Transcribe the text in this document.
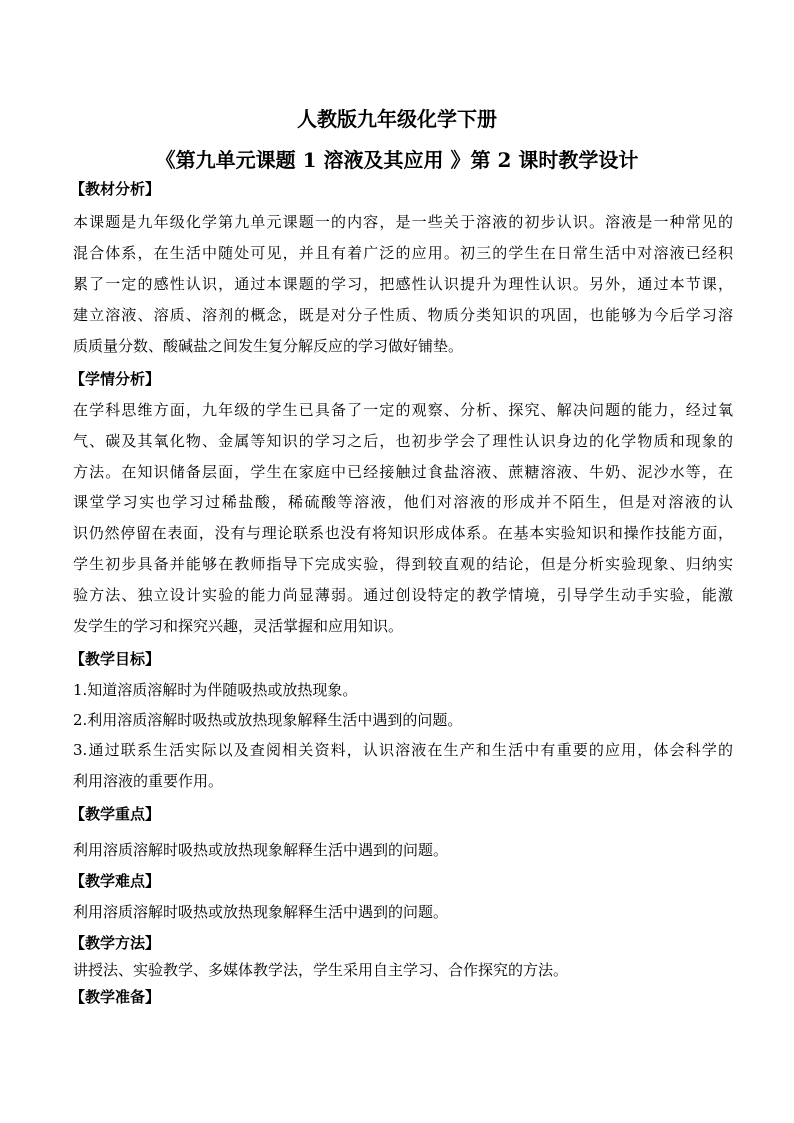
人教版九年级化学下册
《第九单元课题 1 溶液及其应用 》第 2 课时教学设计
【教材分析】
本课题是九年级化学第九单元课题一的内容，是一些关于溶液的初步认识。溶液是一种常见的
混合体系，在生活中随处可见，并且有着广泛的应用。初三的学生在日常生活中对溶液已经积
累了一定的感性认识，通过本课题的学习，把感性认识提升为理性认识。另外，通过本节课，
建立溶液、溶质、溶剂的概念，既是对分子性质、物质分类知识的巩固，也能够为今后学习溶
质质量分数、酸碱盐之间发生复分解反应的学习做好铺垫。
【学情分析】
在学科思维方面，九年级的学生已具备了一定的观察、分析、探究、解决问题的能力，经过氧
气、碳及其氧化物、金属等知识的学习之后，也初步学会了理性认识身边的化学物质和现象的
方法。在知识储备层面，学生在家庭中已经接触过食盐溶液、蔗糖溶液、牛奶、泥沙水等，在
课堂学习实也学习过稀盐酸，稀硫酸等溶液，他们对溶液的形成并不陌生，但是对溶液的认
识仍然停留在表面，没有与理论联系也没有将知识形成体系。在基本实验知识和操作技能方面，
学生初步具备并能够在教师指导下完成实验，得到较直观的结论，但是分析实验现象、归纳实
验方法、独立设计实验的能力尚显薄弱。通过创设特定的教学情境，引导学生动手实验，能激
发学生的学习和探究兴趣，灵活掌握和应用知识。
【教学目标】
1.知道溶质溶解时为伴随吸热或放热现象。
2.利用溶质溶解时吸热或放热现象解释生活中遇到的问题。
3.通过联系生活实际以及查阅相关资料，认识溶液在生产和生活中有重要的应用，体会科学的
利用溶液的重要作用。
【教学重点】
利用溶质溶解时吸热或放热现象解释生活中遇到的问题。
【教学难点】
利用溶质溶解时吸热或放热现象解释生活中遇到的问题。
【教学方法】
讲授法、实验教学、多媒体教学法，学生采用自主学习、合作探究的方法。
【教学准备】
